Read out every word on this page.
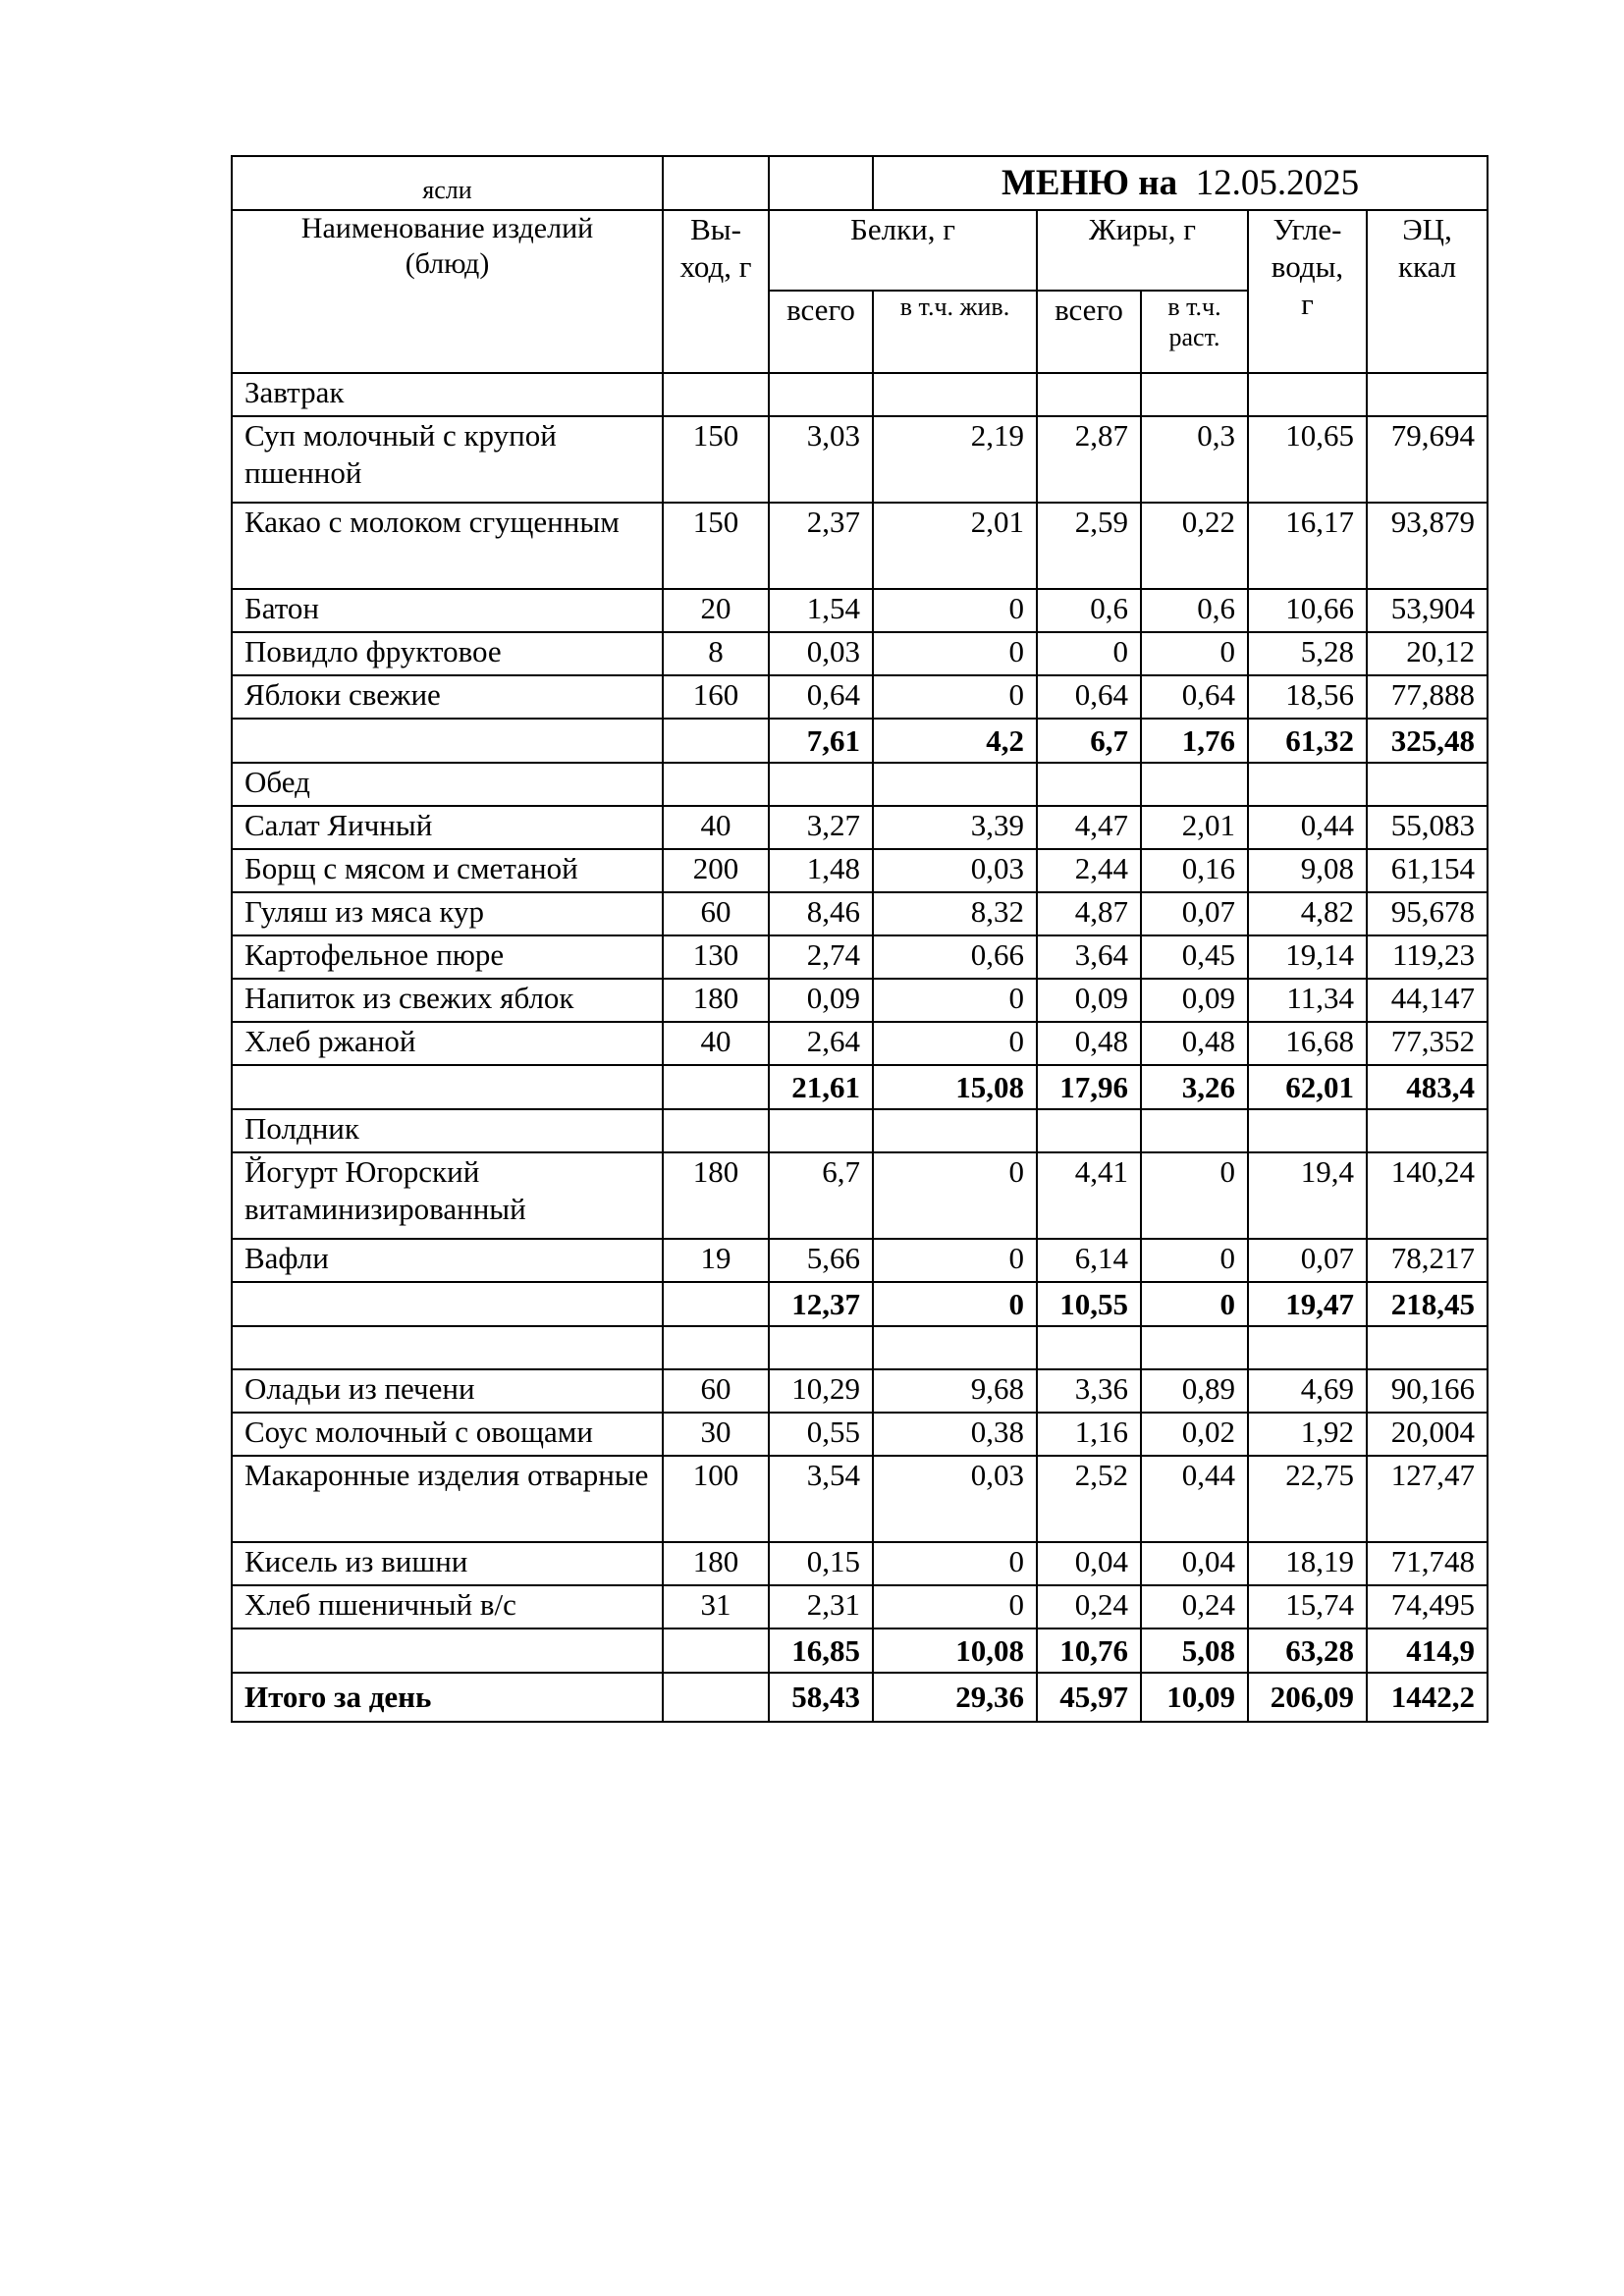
ясли			МЕНЮ на 12.05.2025				
Наименование изделий (блюд)	Вы-ход, г	Белки, г		Жиры, г		Угле-воды, г	ЭЦ, ккал
		всего	в т.ч. жив.	всего	в т.ч. раст.		
Завтрак							
Суп молочный с крупой пшенной	150	3,03	2,19	2,87	0,3	10,65	79,694
Какао с молоком сгущенным	150	2,37	2,01	2,59	0,22	16,17	93,879
Батон	20	1,54	0	0,6	0,6	10,66	53,904
Повидло фруктовое	8	0,03	0	0	0	5,28	20,12
Яблоки свежие	160	0,64	0	0,64	0,64	18,56	77,888
		7,61	4,2	6,7	1,76	61,32	325,48
Обед							
Салат Яичный	40	3,27	3,39	4,47	2,01	0,44	55,083
Борщ с мясом и сметаной	200	1,48	0,03	2,44	0,16	9,08	61,154
Гуляш из мяса кур	60	8,46	8,32	4,87	0,07	4,82	95,678
Картофельное пюре	130	2,74	0,66	3,64	0,45	19,14	119,23
Напиток из свежих яблок	180	0,09	0	0,09	0,09	11,34	44,147
Хлеб ржаной	40	2,64	0	0,48	0,48	16,68	77,352
		21,61	15,08	17,96	3,26	62,01	483,4
Полдник							
Йогурт Югорский витаминизированный	180	6,7	0	4,41	0	19,4	140,24
Вафли	19	5,66	0	6,14	0	0,07	78,217
		12,37	0	10,55	0	19,47	218,45

Оладьи из печени	60	10,29	9,68	3,36	0,89	4,69	90,166
Соус молочный с овощами	30	0,55	0,38	1,16	0,02	1,92	20,004
Макаронные изделия отварные	100	3,54	0,03	2,52	0,44	22,75	127,47
Кисель из вишни	180	0,15	0	0,04	0,04	18,19	71,748
Хлеб пшеничный в/с	31	2,31	0	0,24	0,24	15,74	74,495
		16,85	10,08	10,76	5,08	63,28	414,9
Итого за день		58,43	29,36	45,97	10,09	206,09	1442,2
